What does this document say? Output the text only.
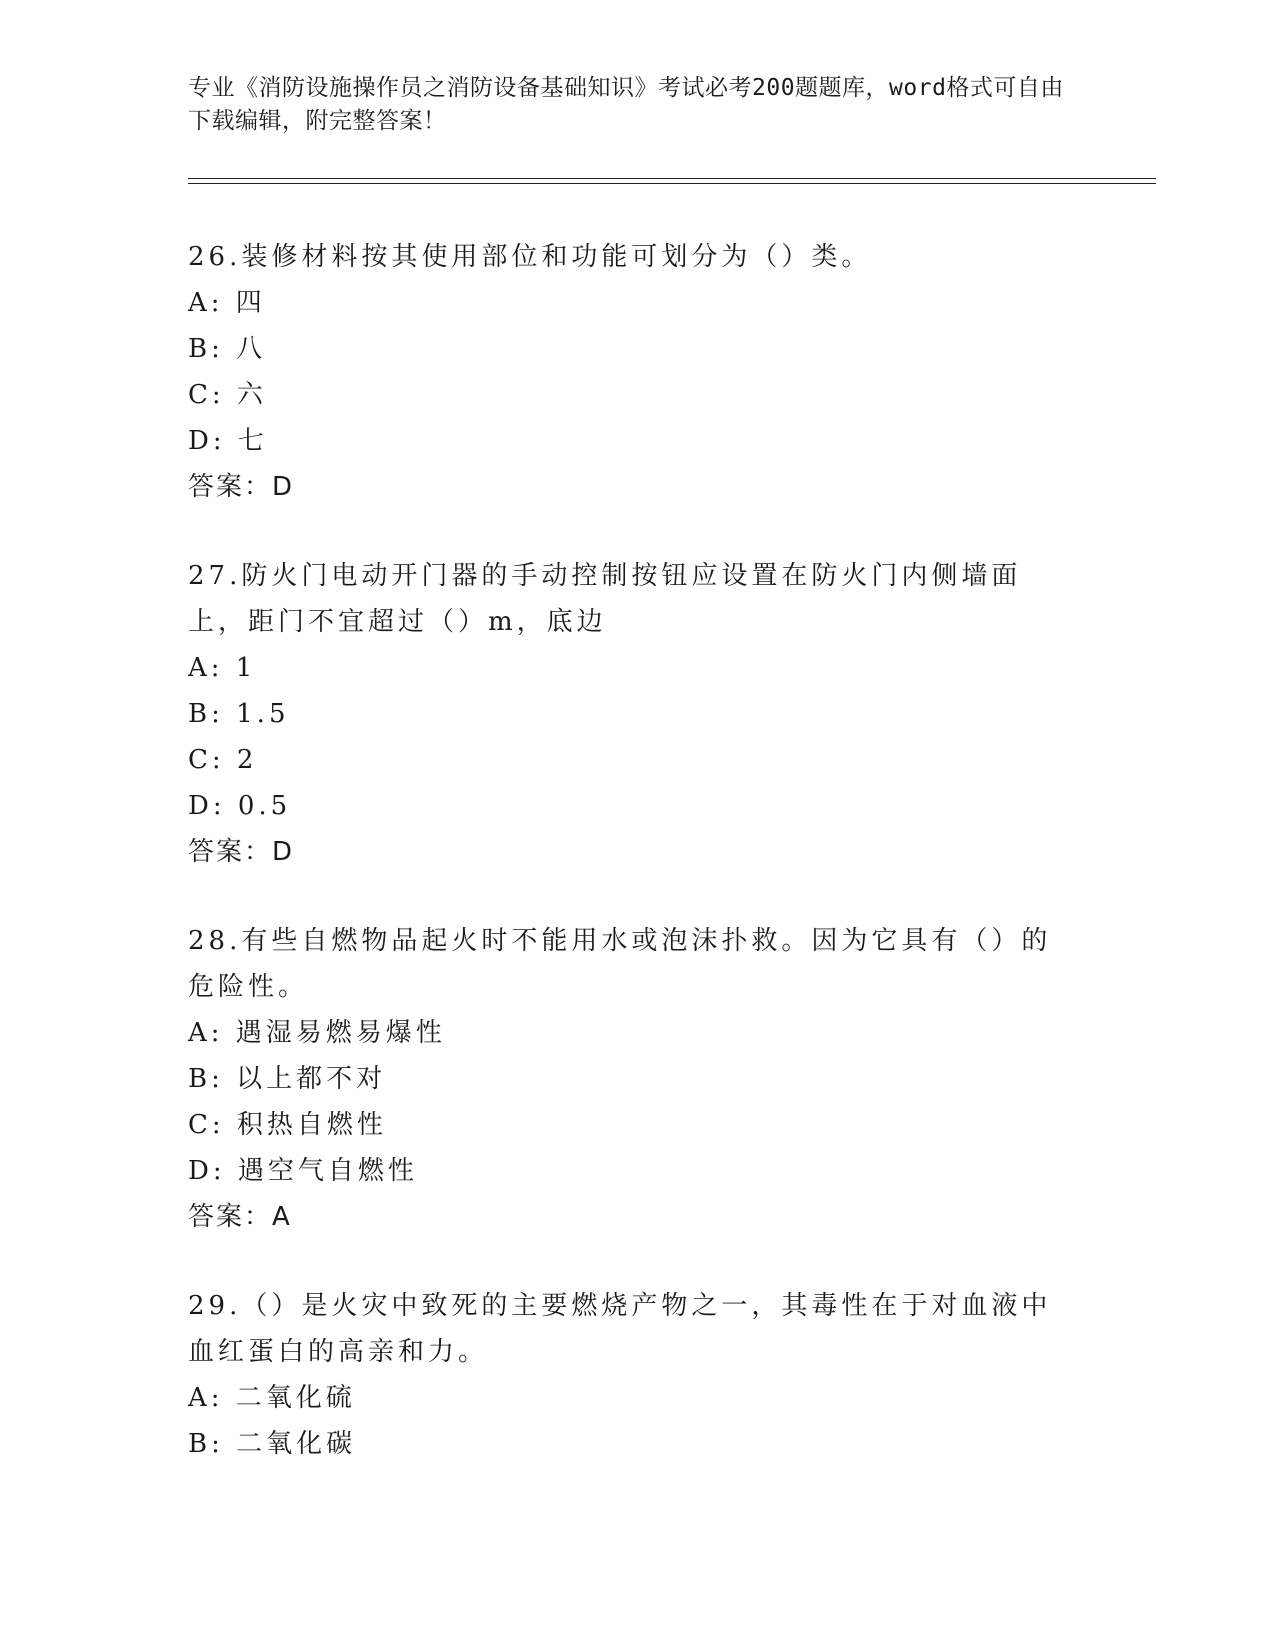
专业《消防设施操作员之消防设备基础知识》考试必考200题题库，word格式可自由下载编辑，附完整答案！
26.装修材料按其使用部位和功能可划分为（）类。
A: 四
B: 八
C: 六
D: 七
答案：D
27.防火门电动开门器的手动控制按钮应设置在防火门内侧墙面上，距门不宜超过（）m，底边
A: 1
B: 1.5
C: 2
D: 0.5
答案：D
28.有些自燃物品起火时不能用水或泡沫扑救。因为它具有（）的危险性。
A: 遇湿易燃易爆性
B: 以上都不对
C: 积热自燃性
D: 遇空气自燃性
答案：A
29.（）是火灾中致死的主要燃烧产物之一，其毒性在于对血液中血红蛋白的高亲和力。
A: 二氧化硫
B: 二氧化碳
